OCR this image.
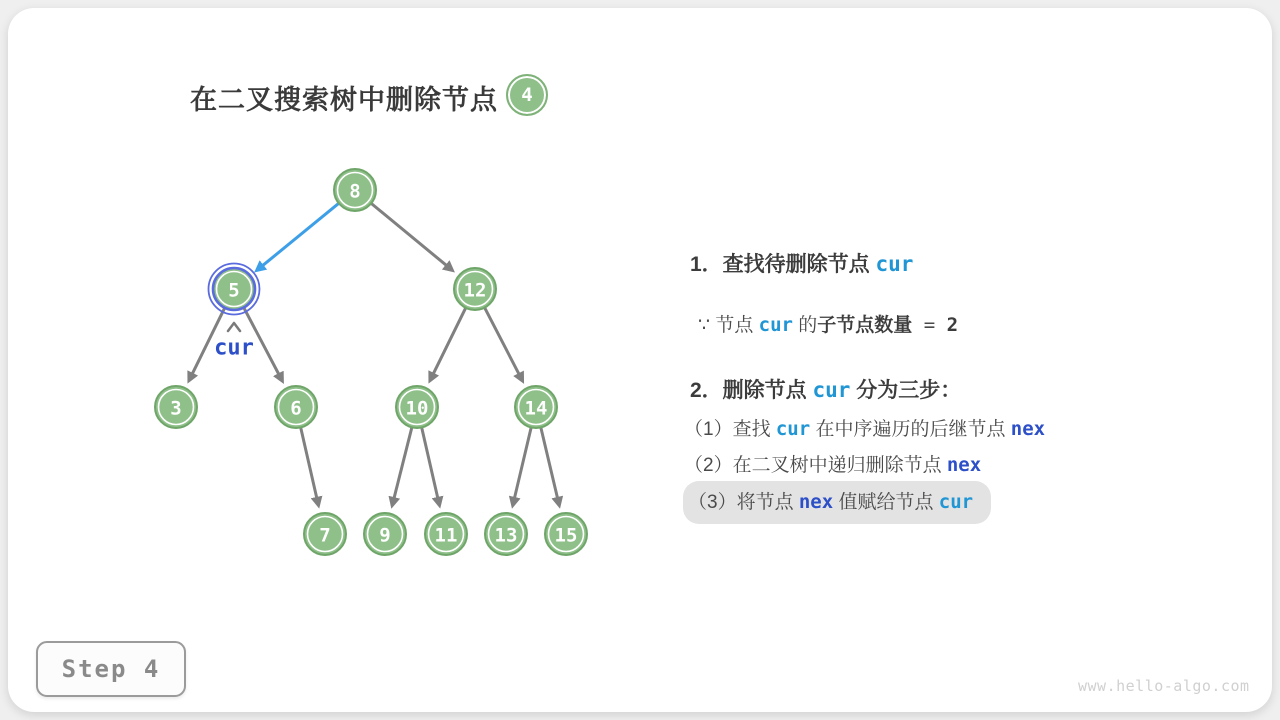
在二叉搜索树中删除节点	4
8
5	12
3	6	10	14
7	9 11 13 15
cur
1．查找待删除节点 cur
∵ 节点 cur 的子节点数量 = 2
2．删除节点 cur 分为三步：
（1）查找 cur 在中序遍历的后继节点 nex
（2）在二叉树中递归删除节点 nex
（3）将节点 nex 值赋给节点 cur
Step 4
www.hello-algo.com
